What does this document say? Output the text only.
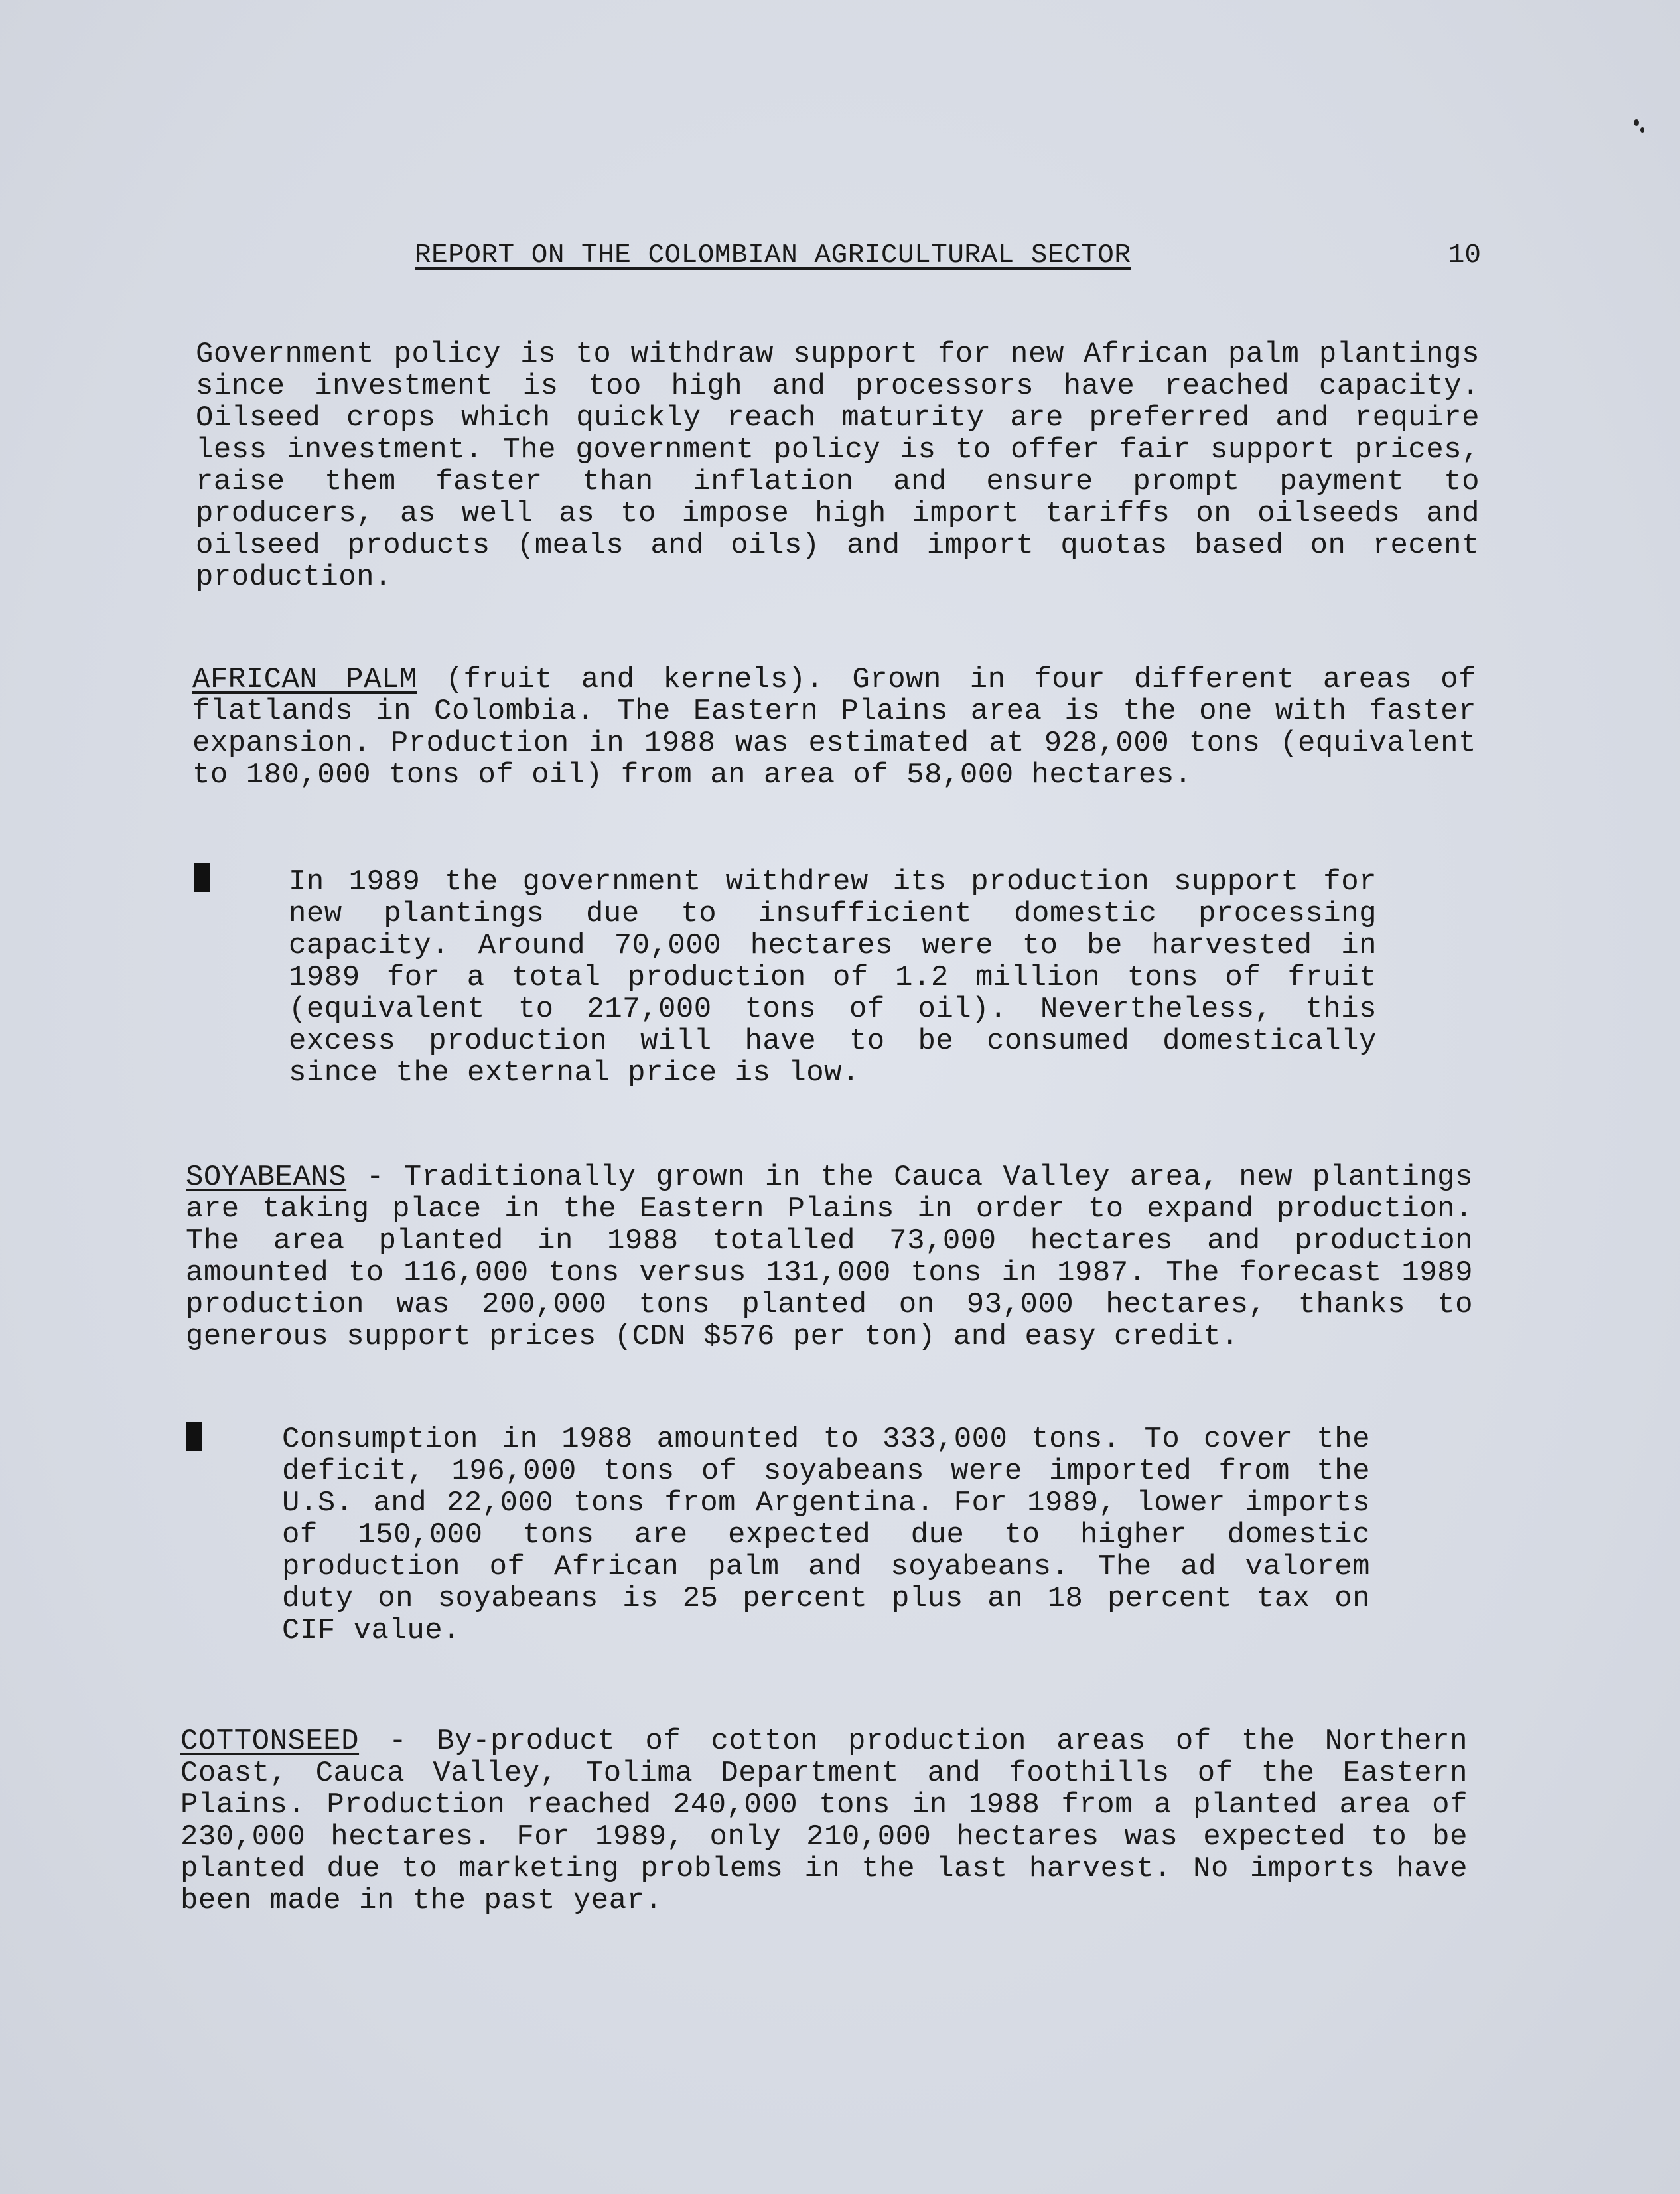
REPORT ON THE COLOMBIAN AGRICULTURAL SECTOR	10

Government policy is to withdraw support for new African palm plantings since investment is too high and processors have reached capacity. Oilseed crops which quickly reach maturity are preferred and require less investment. The government policy is to offer fair support prices, raise them faster than inflation and ensure prompt payment to producers, as well as to impose high import tariffs on oilseeds and oilseed products (meals and oils) and import quotas based on recent production.

AFRICAN PALM (fruit and kernels). Grown in four different areas of flatlands in Colombia. The Eastern Plains area is the one with faster expansion. Production in 1988 was estimated at 928,000 tons (equivalent to 180,000 tons of oil) from an area of 58,000 hectares.

In 1989 the government withdrew its production support for new plantings due to insufficient domestic processing capacity. Around 70,000 hectares were to be harvested in 1989 for a total production of 1.2 million tons of fruit (equivalent to 217,000 tons of oil). Nevertheless, this excess production will have to be consumed domestically since the external price is low.

SOYABEANS - Traditionally grown in the Cauca Valley area, new plantings are taking place in the Eastern Plains in order to expand production. The area planted in 1988 totalled 73,000 hectares and production amounted to 116,000 tons versus 131,000 tons in 1987. The forecast 1989 production was 200,000 tons planted on 93,000 hectares, thanks to generous support prices (CDN $576 per ton) and easy credit.

Consumption in 1988 amounted to 333,000 tons. To cover the deficit, 196,000 tons of soyabeans were imported from the U.S. and 22,000 tons from Argentina. For 1989, lower imports of 150,000 tons are expected due to higher domestic production of African palm and soyabeans. The ad valorem duty on soyabeans is 25 percent plus an 18 percent tax on CIF value.

COTTONSEED - By-product of cotton production areas of the Northern Coast, Cauca Valley, Tolima Department and foothills of the Eastern Plains. Production reached 240,000 tons in 1988 from a planted area of 230,000 hectares. For 1989, only 210,000 hectares was expected to be planted due to marketing problems in the last harvest. No imports have been made in the past year.
